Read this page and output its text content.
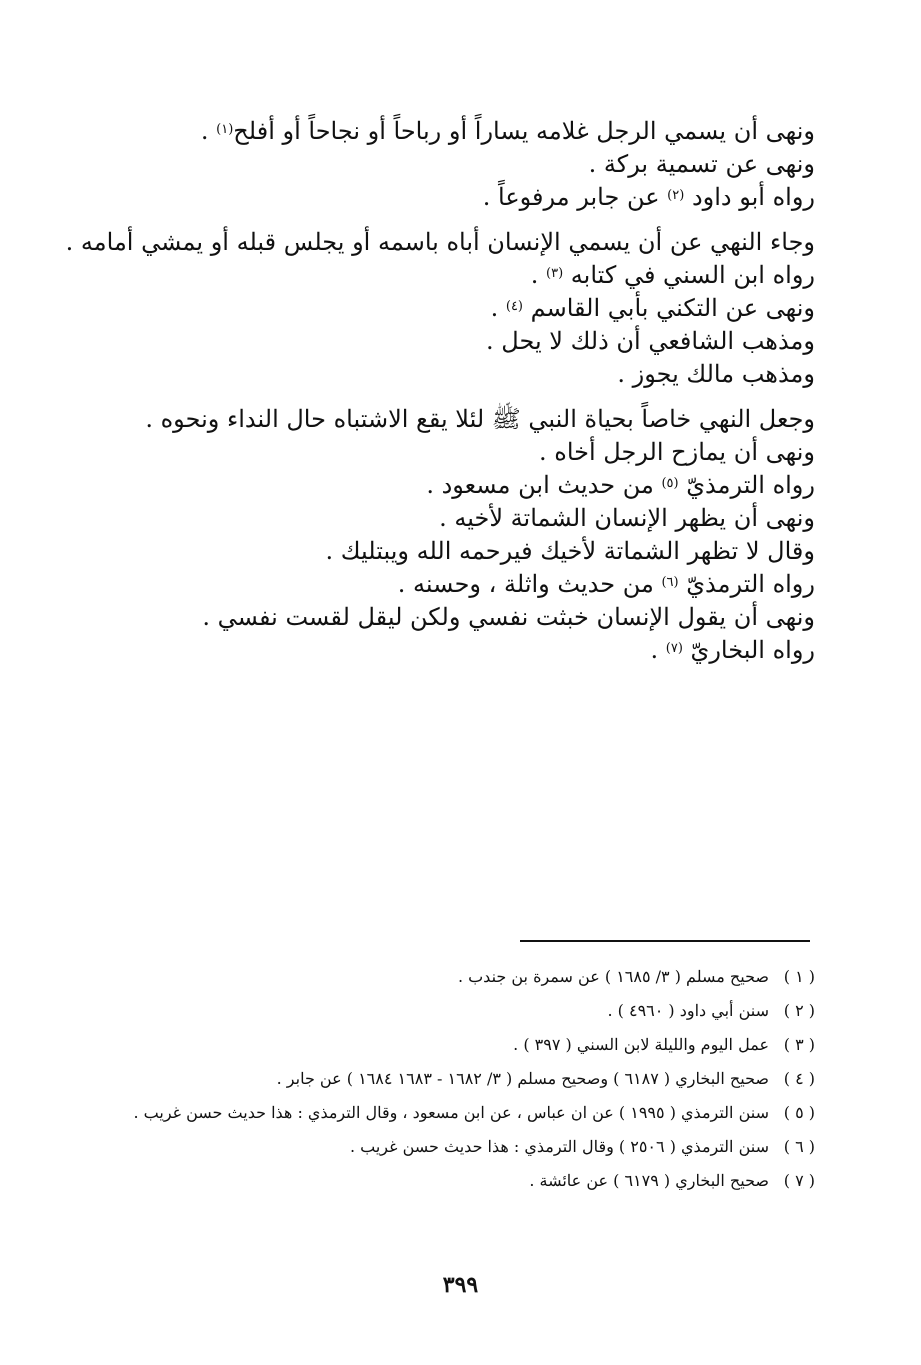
ونهى أن يسمي الرجل غلامه يساراً أو رباحاً أو نجاحاً أو أفلح$^{(١)}$ .

ونهى عن تسمية بركة .

رواه أبو داود $^{(٢)}$ عن جابر مرفوعاً .

وجاء النهي عن أن يسمي الإنسان أباه باسمه أو يجلس قبله أو يمشي أمامه .

رواه ابن السني في كتابه $^{(٣)}$ .

ونهى عن التكني بأبي القاسم $^{(٤)}$ .

ومذهب الشافعي أن ذلك لا يحل .

ومذهب مالك يجوز .

وجعل النهي خاصاً بحياة النبي ﷺ لئلا يقع الاشتباه حال النداء ونحوه .

ونهى أن يمازح الرجل أخاه .

رواه الترمذيّ $^{(٥)}$ من حديث ابن مسعود .

ونهى أن يظهر الإنسان الشماتة لأخيه .

وقال لا تظهر الشماتة لأخيك فيرحمه الله ويبتليك .

رواه الترمذيّ $^{(٦)}$ من حديث واثلة ، وحسنه .

ونهى أن يقول الإنسان خبثت نفسي ولكن ليقل لقست نفسي .

رواه البخاريّ $^{(٧)}$ .

( ١ )
صحيح مسلم ( ٣/ ١٦٨٥ ) عن سمرة بن جندب .
( ٢ )
سنن أبي داود ( ٤٩٦٠ ) .
( ٣ )
عمل اليوم والليلة لابن السني ( ٣٩٧ ) .
( ٤ )
صحيح البخاري ( ٦١٨٧ ) وصحيح مسلم ( ٣/ ١٦٨٢ - ١٦٨٣ ١٦٨٤ ) عن جابر .
( ٥ )
سنن الترمذي ( ١٩٩٥ ) عن ان عباس ، عن ابن مسعود ، وقال الترمذي : هذا حديث حسن غريب .
( ٦ )
سنن الترمذي ( ٢٥٠٦ ) وقال الترمذي : هذا حديث حسن غريب .
( ٧ )
صحيح البخاري ( ٦١٧٩ ) عن عائشة .
٣٩٩
